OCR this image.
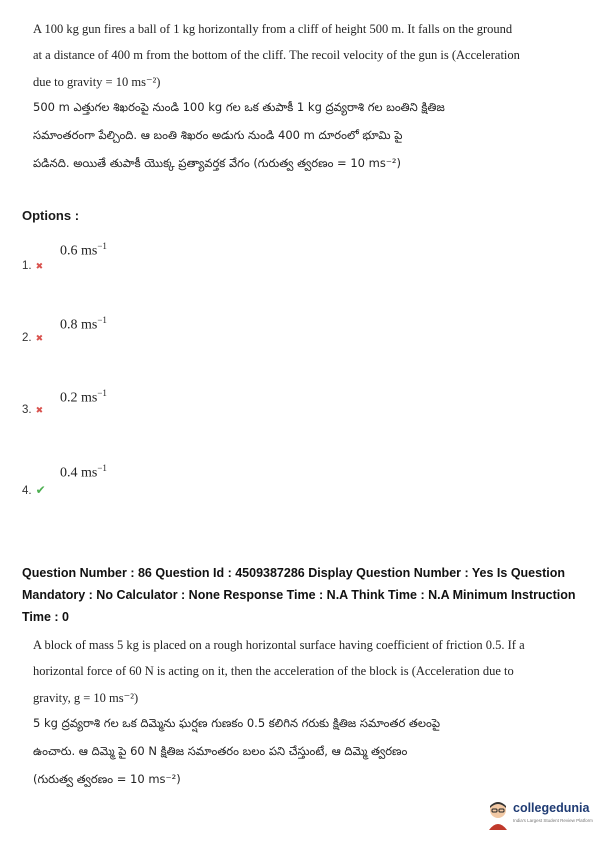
A 100 kg gun fires a ball of 1 kg horizontally from a cliff of height 500 m. It falls on the ground
at a distance of 400 m from the bottom of the cliff. The recoil velocity of the gun is (Acceleration
due to gravity = 10 ms⁻²)
500 m ఎత్తుగల శిఖరంపై నుండి 100 kg గల ఒక తుపాకీ 1 kg ద్రవ్యరాశి గల బంతిని క్షితిజ
సమాంతరంగా పేల్చింది. ఆ బంతి శిఖరం అడుగు నుండి 400 m దూరంలో భూమి పై
పడినది. అయితే తుపాకీ యొక్క ప్రత్యావర్తక వేగం (గురుత్వ త్వరణం = 10 ms⁻²)
Options :
0.6 $ms^{-1}$
1. ✖
0.8 $ms^{-1}$
2. ✖
0.2 $ms^{-1}$
3. ✖
0.4 $ms^{-1}$
4. ✔
Question Number : 86 Question Id : 4509387286 Display Question Number : Yes Is Question
Mandatory : No Calculator : None Response Time : N.A Think Time : N.A Minimum Instruction
Time : 0
A block of mass 5 kg is placed on a rough horizontal surface having coefficient of friction 0.5. If a
horizontal force of 60 N is acting on it, then the acceleration of the block is (Acceleration due to
gravity, g = 10 ms⁻²)
5 kg ద్రవ్యరాశి గల ఒక దిమ్మెను ఘర్షణ గుణకం 0.5 కలిగిన గరుకు క్షితిజ సమాంతర తలంపై
ఉంచారు. ఆ దిమ్మె పై 60 N క్షితిజ సమాంతరం బలం పని చేస్తుంటే, ఆ దిమ్మె త్వరణం
(గురుత్వ త్వరణం = 10 ms⁻²)
collegedunia
India's Largest Student Review Platform
